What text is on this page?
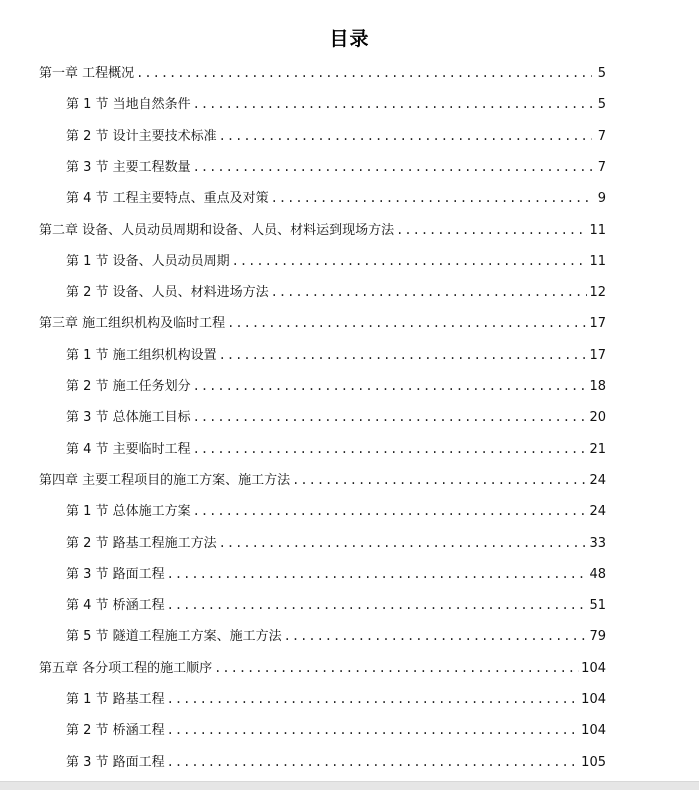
目录
第一章 工程概况 .....	5
第 1 节 当地自然条件 .....	5
第 2 节 设计主要技术标准 .....	7
第 3 节 主要工程数量 .....	7
第 4 节 工程主要特点、重点及对策 .....	9
第二章 设备、人员动员周期和设备、人员、材料运到现场方法 .....	11
第 1 节 设备、人员动员周期 .....	11
第 2 节 设备、人员、材料进场方法 .....	12
第三章 施工组织机构及临时工程 .....	17
第 1 节 施工组织机构设置 .....	17
第 2 节 施工任务划分 .....	18
第 3 节 总体施工目标 .....	20
第 4 节 主要临时工程 .....	21
第四章 主要工程项目的施工方案、施工方法 .....	24
第 1 节 总体施工方案 .....	24
第 2 节 路基工程施工方法 .....	33
第 3 节 路面工程 .....	48
第 4 节 桥涵工程 .....	51
第 5 节 隧道工程施工方案、施工方法 .....	79
第五章 各分项工程的施工顺序 .....	104
第 1 节 路基工程 .....	104
第 2 节 桥涵工程 .....	104
第 3 节 路面工程 .....	105
